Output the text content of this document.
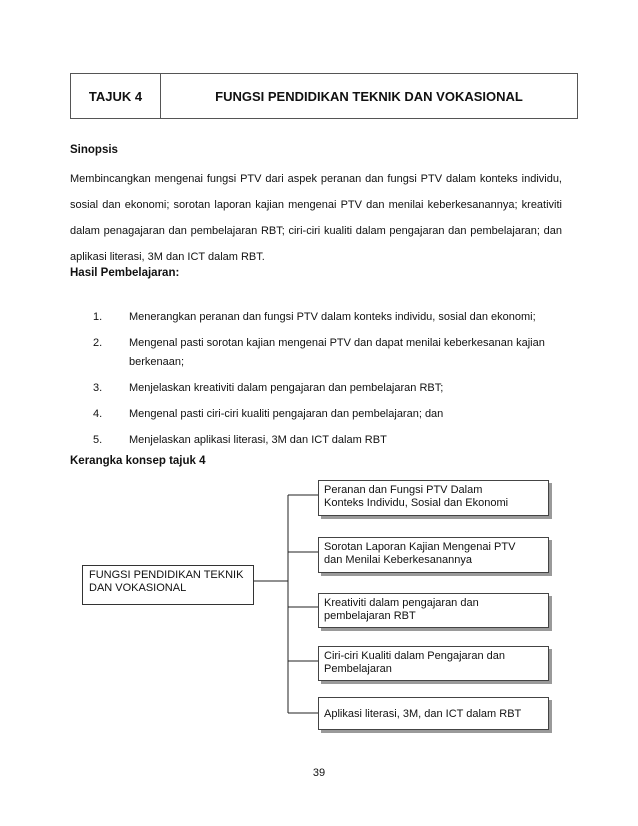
TAJUK 4	FUNGSI PENDIDIKAN TEKNIK DAN VOKASIONAL
Sinopsis
Membincangkan mengenai fungsi PTV dari aspek peranan dan fungsi PTV dalam konteks individu, sosial dan ekonomi; sorotan laporan kajian mengenai PTV dan menilai keberkesanannya; kreativiti dalam penagajaran dan pembelajaran RBT; ciri-ciri kualiti dalam pengajaran dan pembelajaran; dan aplikasi literasi, 3M dan ICT dalam RBT.
Hasil Pembelajaran:
1. Menerangkan peranan dan fungsi PTV dalam konteks individu, sosial dan ekonomi;
2. Mengenal pasti sorotan kajian mengenai PTV dan dapat menilai keberkesanan kajian berkenaan;
3. Menjelaskan kreativiti dalam pengajaran dan pembelajaran RBT;
4. Mengenal pasti ciri-ciri kualiti pengajaran dan pembelajaran; dan
5. Menjelaskan aplikasi literasi, 3M dan ICT dalam RBT
Kerangka konsep tajuk 4
FUNGSI PENDIDIKAN TEKNIK DAN VOKASIONAL
Peranan dan Fungsi PTV Dalam Konteks Individu, Sosial dan Ekonomi
Sorotan Laporan Kajian Mengenai PTV dan Menilai Keberkesanannya
Kreativiti dalam pengajaran dan pembelajaran RBT
Ciri-ciri Kualiti dalam Pengajaran dan Pembelajaran
Aplikasi literasi, 3M, dan ICT dalam RBT
39
